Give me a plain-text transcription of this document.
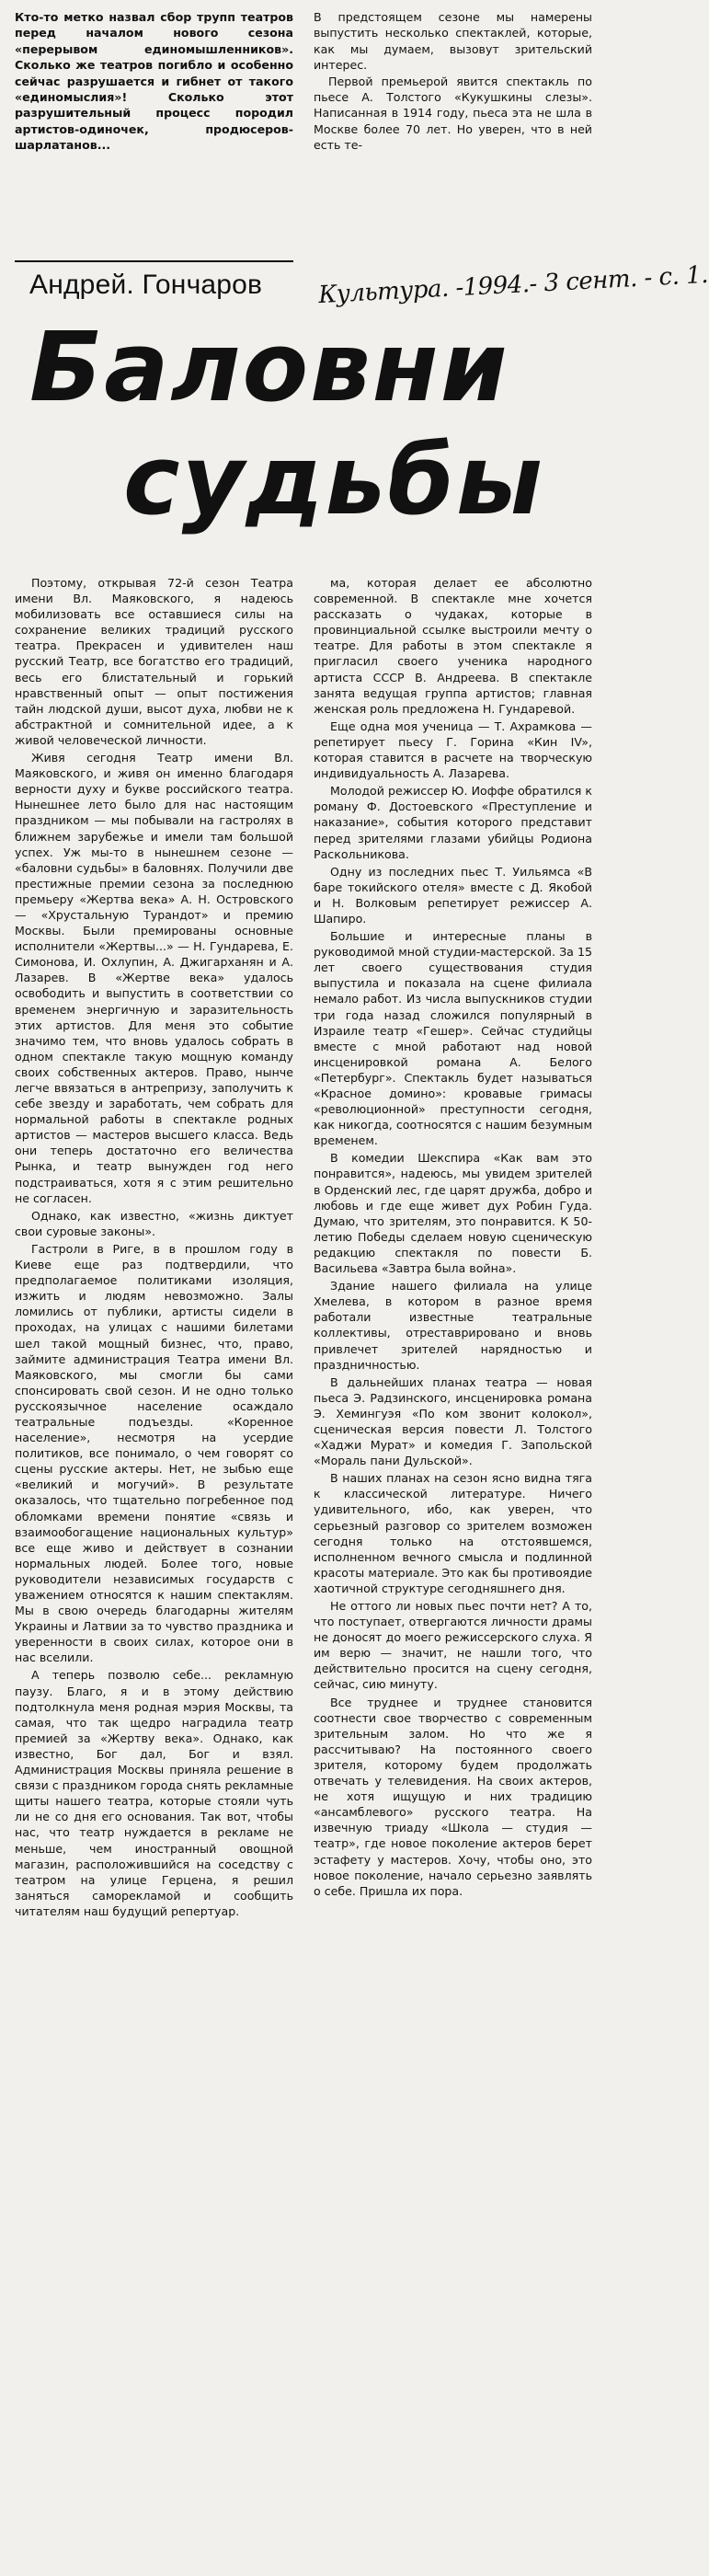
Кто-то метко назвал сбор трупп театров перед началом нового сезона «перерывом единомышленников». Сколько же театров погибло и особенно сейчас разрушается и гибнет от такого «единомыслия»! Сколько этот разрушительный процесс породил артистов-одиночек, продюсеров-шарлатанов...

В предстоящем сезоне мы намерены выпустить несколько спектаклей, которые, как мы думаем, вызовут зрительский интерес.

Первой премьерой явится спектакль по пьесе А. Толстого «Кукушкины слезы». Написанная в 1914 году, пьеса эта не шла в Москве более 70 лет. Но уверен, что в ней есть те-

Андрей. Гончаров Культура. -1994.- 3 сент. - с. 1.
Баловни
судьбы

Поэтому, открывая 72-й сезон Театра имени Вл. Маяковского, я надеюсь мобилизовать все оставшиеся силы на сохранение великих традиций русского театра. Прекрасен и удивителен наш русский Театр, все богатство его традиций, весь его блистательный и горький нравственный опыт — опыт постижения тайн людской души, высот духа, любви не к абстрактной и сомнительной идее, а к живой человеческой личности.

Живя сегодня Театр имени Вл. Маяковского, и живя он именно благодаря верности духу и букве российского театра. Нынешнее лето было для нас настоящим праздником — мы побывали на гастролях в ближнем зарубежье и имели там большой успех. Уж мы-то в нынешнем сезоне — «баловни судьбы» в баловнях. Получили две престижные премии сезона за последнюю премьеру «Жертва века» А. Н. Островского — «Хрустальную Турандот» и премию Москвы. Были премированы основные исполнители «Жертвы...» — Н. Гундарева, Е. Симонова, И. Охлупин, А. Джигарханян и А. Лазарев. В «Жертве века» удалось освободить и выпустить в соответствии со временем энергичную и заразительность этих артистов. Для меня это событие значимо тем, что вновь удалось собрать в одном спектакле такую мощную команду своих собственных актеров. Право, нынче легче ввязаться в антрепризу, заполучить к себе звезду и заработать, чем собрать для нормальной работы в спектакле родных артистов — мастеров высшего класса. Ведь они теперь достаточно его величества Рынка, и театр вынужден год него подстраиваться, хотя я с этим решительно не согласен.

Однако, как известно, «жизнь диктует свои суровые законы».

Гастроли в Риге, в в прошлом году в Киеве еще раз подтвердили, что предполагаемое политиками изоляция, изжить и людям невозможно. Залы ломились от публики, артисты сидели в проходах, на улицах с нашими билетами шел такой мощный бизнес, что, право, займите администрация Театра имени Вл. Маяковского, мы смогли бы сами спонсировать свой сезон. И не одно только русскоязычное население осаждало театральные подъезды. «Коренное население», несмотря на усердие политиков, все понимало, о чем говорят со сцены русские актеры. Нет, не зыбью еще «великий и могучий». В результате оказалось, что тщательно погребенное под обломками времени понятие «связь и взаимообогащение национальных культур» все еще живо и действует в сознании нормальных людей. Более того, новые руководители независимых государств с уважением относятся к нашим спектаклям. Мы в свою очередь благодарны жителям Украины и Латвии за то чувство праздника и уверенности в своих силах, которое они в нас вселили.

А теперь позволю себе... рекламную паузу. Благо, я и в этому действию подтолкнула меня родная мэрия Москвы, та самая, что так щедро наградила театр премией за «Жертву века». Однако, как известно, Бог дал, Бог и взял. Администрация Москвы приняла решение в связи с праздником города снять рекламные щиты нашего театра, которые стояли чуть ли не со дня его основания. Так вот, чтобы нас, что театр нуждается в рекламе не меньше, чем иностранный овощной магазин, расположившийся на соседству с театром на улице Герцена, я решил заняться саморекламой и сообщить читателям наш будущий репертуар.

ма, которая делает ее абсолютно современной. В спектакле мне хочется рассказать о чудаках, которые в провинциальной ссылке выстроили мечту о театре. Для работы в этом спектакле я пригласил своего ученика народного артиста СССР В. Андреева. В спектакле занята ведущая группа артистов; главная женская роль предложена Н. Гундаревой.

Еще одна моя ученица — Т. Ахрамкова — репетирует пьесу Г. Горина «Кин IV», которая ставится в расчете на творческую индивидуальность А. Лазарева.

Молодой режиссер Ю. Иоффе обратился к роману Ф. Достоевского «Преступление и наказание», события которого представит перед зрителями глазами убийцы Родиона Раскольникова.

Одну из последних пьес Т. Уильямса «В баре токийского отеля» вместе с Д. Якобой и Н. Волковым репетирует режиссер А. Шапиро.

Большие и интересные планы в руководимой мной студии-мастерской. За 15 лет своего существования студия выпустила и показала на сцене филиала немало работ. Из числа выпускников студии три года назад сложился популярный в Израиле театр «Гешер». Сейчас студийцы вместе с мной работают над новой инсценировкой романа А. Белого «Петербург». Спектакль будет называться «Красное домино»: кровавые гримасы «революционной» преступности сегодня, как никогда, соотносятся с нашим безумным временем.

В комедии Шекспира «Как вам это понравится», надеюсь, мы увидем зрителей в Орденский лес, где царят дружба, добро и любовь и где еще живет дух Робин Гуда. Думаю, что зрителям, это понравится. К 50-летию Победы сделаем новую сценическую редакцию спектакля по повести Б. Васильева «Завтра была война».

Здание нашего филиала на улице Хмелева, в котором в разное время работали известные театральные коллективы, отреставрировано и вновь привлечет зрителей нарядностью и праздничностью.

В дальнейших планах театра — новая пьеса Э. Радзинского, инсценировка романа Э. Хемингуэя «По ком звонит колокол», сценическая версия повести Л. Толстого «Хаджи Мурат» и комедия Г. Запольской «Мораль пани Дульской».

В наших планах на сезон ясно видна тяга к классической литературе. Ничего удивительного, ибо, как уверен, что серьезный разговор со зрителем возможен сегодня только на отстоявшемся, исполненном вечного смысла и подлинной красоты материале. Это как бы противоядие хаотичной структуре сегодняшнего дня.

Не оттого ли новых пьес почти нет? А то, что поступает, отвергаются личности драмы не доносят до моего режиссерского слуха. Я им верю — значит, не нашли того, что действительно просится на сцену сегодня, сейчас, сию минуту.

Все труднее и труднее становится соотнести свое творчество с современным зрительным залом. Но что же я рассчитываю? На постоянного своего зрителя, которому будем продолжать отвечать у телевидения. На своих актеров, не хотя ищущую и них традицию «ансамблевого» русского театра. На извечную триаду «Школа — студия — театр», где новое поколение актеров берет эстафету у мастеров. Хочу, чтобы оно, это новое поколение, начало серьезно заявлять о себе. Пришла их пора.
